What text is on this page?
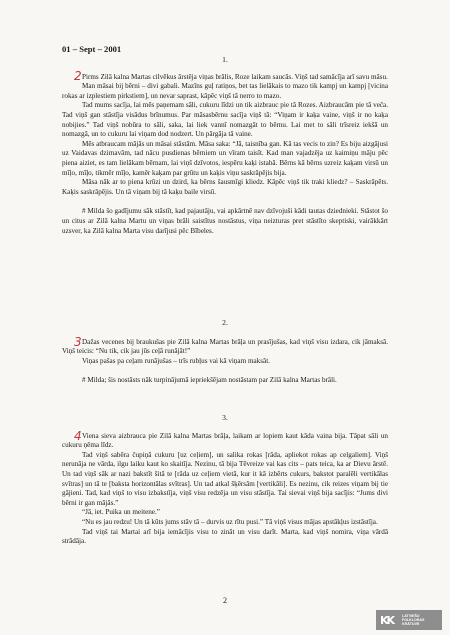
01 – Sept – 2001

1.

Pirms Zilā kalna Martas cilvēkus ārstēja viņas brālis, Roze laikam saucās. Viņš tad samācīja arī savu māsu.

Man māsai bij bērni – divi gabali. Mazīns guļ ratiņos, bet tas lielākais to mazo tik kampj un kampj [vicina rokas ar izplestiem pirkstiem], un nevar saprast, kāpēc viņš tā nerro to mazo.

Tad mums sacīja, lai mēs paņemam sāli, cukuru līdzi un tik aizbrauc pie tā Rozes. Aizbraucām pie tā veča. Tad viņš gan stāstīja visādus brīnumus. Par māsasbērnu sacīja viņš tā: “Viņam ir kaķa vaine, viņš ir no kaķa nobijies.” Tad viņš nobūra to sāli, saka, lai liek vannī nomazgāt to bērnu. Lai met to sāli trīsreiz iekšā un nomazgā, un to cukuru lai viņam dod nodzert. Un pārgāja tā vaine.

Mēs atbraucam mājās un māsai stāstām. Māsa saka: “Jā, taisnība gan. Kā tas vecis to zin? Es biju aizgājusi uz Vaidavas dzirnavām, tad nācu pusdienas bērniem un vīram taisīt. Kad man vajadzēja uz kaimiņu māju pēc piena aiziet, es tam lielākam bērnam, lai viņš dzīvotos, iespēru kaķi istabā. Bērns kā bērns uzreiz kaķam virsū un mīļo, mīļo, tikmēr mīļo, kamēr kaķam par grūtu un kaķis viņu saskrāpējis bija.

Māsa nāk ar to piena krūzi un dzird, ka bērns šausmīgi kliedz. Kāpēc viņš tik traki kliedz? – Saskrāpēts. Kaķis saskrāpējis. Un tā viņam bij tā kaķu baile virsū.

# Milda šo gadījumu sāk stāstīt, kad pajautāju, vai apkārtnē nav dzīvojuši kādi tautas dziednieki. Stāstot šo un citus ar Zilā kalna Martu un viņas brāli saistītus nostāstus, viņa neizturas pret stāstīto skeptiski, vairākkārt uzsver, ka Zilā kalna Marta visu darījusi pēc Bībeles.

2

2.

Dažas vecenes bij braukušas pie Zilā kalna Martas brāļa un prasījušas, kad viņš visu izdara, cik jāmaksā. Viņš teicis: “Nu tik, cik jau jūs ceļā runājāt!”

Viņas pašas pa ceļam runājušas – trīs rubļus vai kā viņam maksāt.

# Milda; šis nostāsts nāk turpinājumā iepriekšējam nostāstam par Zilā kalna Martas brāli.

3

3.

Viena sieva aizbrauca pie Zilā kalna Martas brāļa, laikam ar lopiem kaut kāda vaina bija. Tāpat sāli un cukuru ņēma līdz.

Tad viņš sabēra čupiņā cukuru [uz ceļiem], un salika rokas [rāda, apliekot rokas ap celgaliem]. Viņš nerunāja ne vārda, ilgu laiku kaut ko skaitīja. Nezinu, tā bija Tēvreize vai kas cits – pats teica, ka ar Dievu ārstē. Un tad viņš sāk ar nazi bakstīt šitā te [rāda uz ceļiem vietā, kur it kā izbērts cukurs, bakstot paralēli vertikālas svītras] un tā te [baksta horizontālas svītras]. Un tad atkal šķērsām [vertikāli]. Es nezinu, cik reizes viņam bij tie gājieni. Tad, kad viņš to visu izbakstīja, viņš visu redzēja un visu stāstīja. Tai sievai viņš bija sacījis: “Jums divi bērni ir gan mājās.”

“Jā, iet. Puika un meitene.”

“Nu es jau redzu! Un tā kūts jums stāv tā – durvis uz rītu pusi.” Tā viņš visus mājas apstākļus izstāstīja.

Tad viņš tai Martai arī bija iemācījis visu to zināt un visu darīt. Marta, kad viņš nomira, viņa vārdā strādāja.

4
2
KK	LATVIEŠU
FOLKLORAS
KRĀTUVE
